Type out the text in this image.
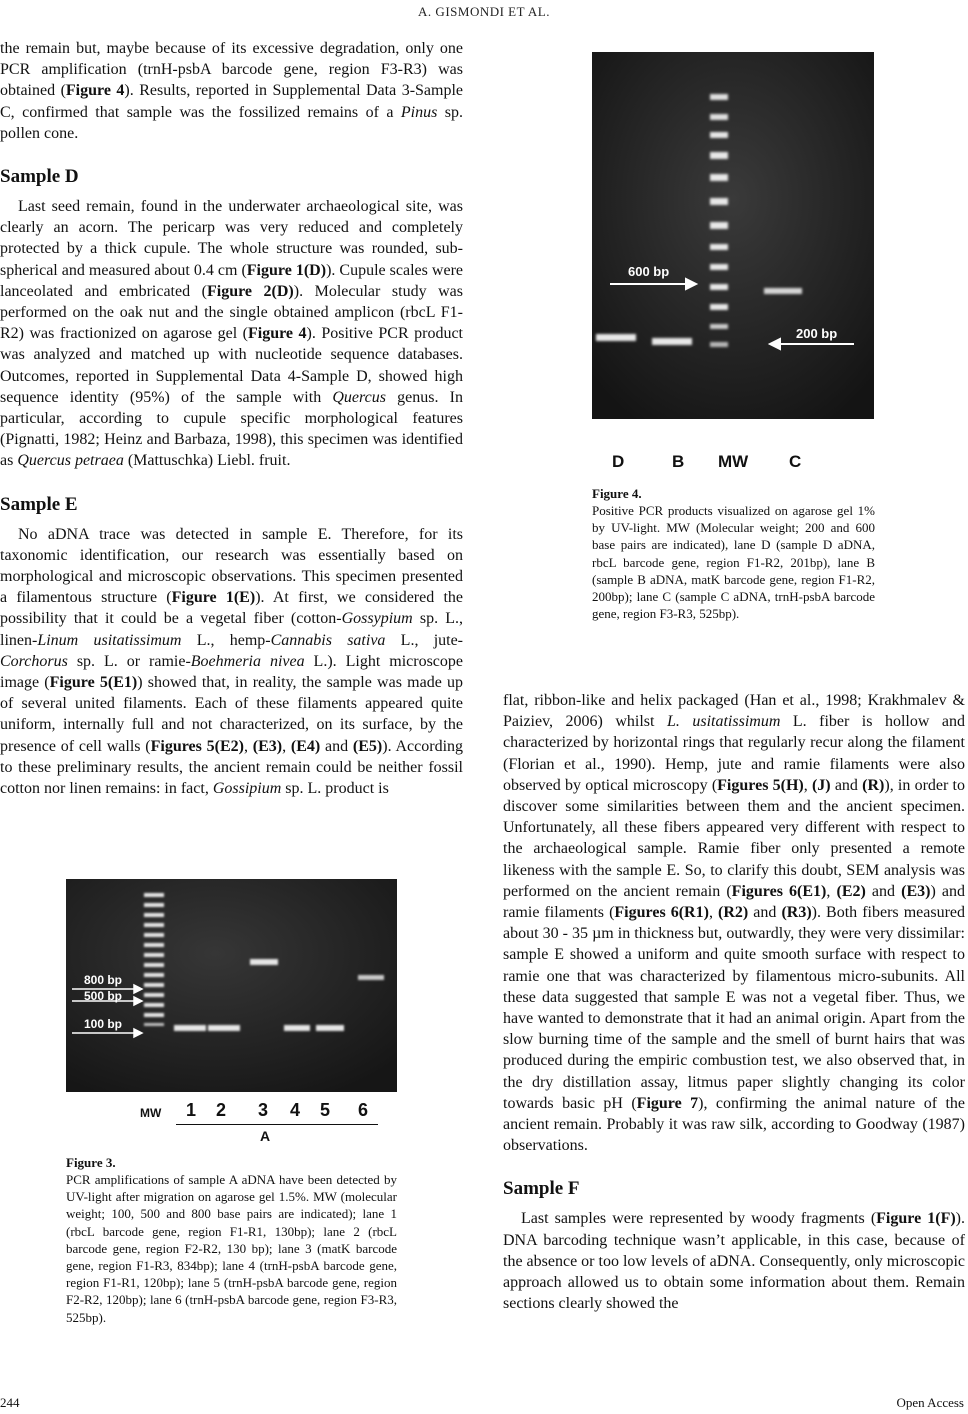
A. GISMONDI ET AL.

the remain but, maybe because of its excessive degradation, only one PCR amplification (trnH-psbA barcode gene, region F3-R3) was obtained (Figure 4). Results, reported in Supplemental Data 3-Sample C, confirmed that sample was the fossilized remains of a Pinus sp. pollen cone.

Sample D

Last seed remain, found in the underwater archaeological site, was clearly an acorn. The pericarp was very reduced and completely protected by a thick cupule. The whole structure was rounded, sub-spherical and measured about 0.4 cm (Figure 1(D)). Cupule scales were lanceolated and embricated (Figure 2(D)). Molecular study was performed on the oak nut and the single obtained amplicon (rbcL F1-R2) was fractionized on agarose gel (Figure 4). Positive PCR product was analyzed and matched up with nucleotide sequence databases. Outcomes, reported in Supplemental Data 4-Sample D, showed high sequence identity (95%) of the sample with Quercus genus. In particular, according to cupule specific morphological features (Pignatti, 1982; Heinz and Barbaza, 1998), this specimen was identified as Quercus petraea (Mattuschka) Liebl. fruit.

Sample E

No aDNA trace was detected in sample E. Therefore, for its taxonomic identification, our research was essentially based on morphological and microscopic observations. This specimen presented a filamentous structure (Figure 1(E)). At first, we considered the possibility that it could be a vegetal fiber (cotton-Gossypium sp. L., linen-Linum usitatissimum L., hemp-Cannabis sativa L., jute-Corchorus sp. L. or ramie-Boehmeria nivea L.). Light microscope image (Figure 5(E1)) showed that, in reality, the sample was made up of several united filaments. Each of these filaments appeared quite uniform, internally full and not characterized, on its surface, by the presence of cell walls (Figures 5(E2), (E3), (E4) and (E5)). According to these preliminary results, the ancient remain could be neither fossil cotton nor linen remains: in fact, Gossipium sp. L. product is

600 bp
200 bp
D	B MW C
Figure 4.
Positive PCR products visualized on agarose gel 1% by UV-light. MW (Molecular weight; 200 and 600 base pairs are indicated), lane D (sample D aDNA, rbcL barcode gene, region F1-R2, 201bp), lane B (sample B aDNA, matK barcode gene, region F1-R2, 200bp); lane C (sample C aDNA, trnH-psbA barcode gene, region F3-R3, 525bp).
800 bp
500 bp
100 bp
MW 1 2 3 4 5 6
A
Figure 3.
PCR amplifications of sample A aDNA have been detected by UV-light after migration on agarose gel 1.5%. MW (molecular weight; 100, 500 and 800 base pairs are indicated); lane 1 (rbcL barcode gene, region F1-R1, 130bp); lane 2 (rbcL barcode gene, region F2-R2, 130 bp); lane 3 (matK barcode gene, region F1-R3, 834bp); lane 4 (trnH-psbA barcode gene, region F1-R1, 120bp); lane 5 (trnH-psbA barcode gene, region F2-R2, 120bp); lane 6 (trnH-psbA barcode gene, region F3-R3, 525bp).

flat, ribbon-like and helix packaged (Han et al., 1998; Krakhmalev & Paiziev, 2006) whilst L. usitatissimum L. fiber is hollow and characterized by horizontal rings that regularly recur along the filament (Florian et al., 1990). Hemp, jute and ramie filaments were also observed by optical microscopy (Figures 5(H), (J) and (R)), in order to discover some similarities between them and the ancient specimen. Unfortunately, all these fibers appeared very different with respect to the archaeological sample. Ramie fiber only presented a remote likeness with the sample E. So, to clarify this doubt, SEM analysis was performed on the ancient remain (Figures 6(E1), (E2) and (E3)) and ramie filaments (Figures 6(R1), (R2) and (R3)). Both fibers measured about 30 - 35 µm in thickness but, outwardly, they were very dissimilar: sample E showed a uniform and quite smooth surface with respect to ramie one that was characterized by filamentous micro-subunits. All these data suggested that sample E was not a vegetal fiber. Thus, we have wanted to demonstrate that it had an animal origin. Apart from the slow burning time of the sample and the smell of burnt hairs that was produced during the empiric combustion test, we also observed that, in the dry distillation assay, litmus paper slightly changing its color towards basic pH (Figure 7), confirming the animal nature of the ancient remain. Probably it was raw silk, according to Goodway (1987) observations.

Sample F

Last samples were represented by woody fragments (Figure 1(F)). DNA barcoding technique wasn’t applicable, in this case, because of the absence or too low levels of aDNA. Consequently, only microscopic approach allowed us to obtain some information about them. Remain sections clearly showed the

244	Open Access
